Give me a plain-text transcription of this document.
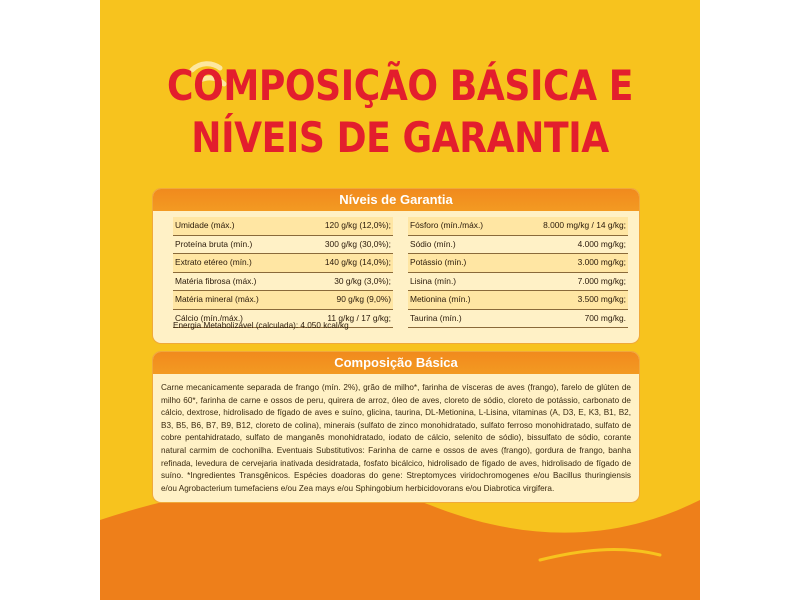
COMPOSIÇÃO BÁSICA E
NÍVEIS DE GARANTIA
Níveis de Garantia
Umidade (máx.)	120 g/kg (12,0%);
Proteína bruta (mín.)	300 g/kg (30,0%);
Extrato etéreo (mín.)	140 g/kg (14,0%);
Matéria fibrosa (máx.)	30 g/kg (3,0%);
Matéria mineral (máx.)	90 g/kg (9,0%)
Cálcio (mín./máx.)	11 g/kg / 17 g/kg;
Fósforo (mín./máx.)	8.000 mg/kg / 14 g/kg;
Sódio (mín.)	4.000 mg/kg;
Potássio (mín.)	3.000 mg/kg;
Lisina (mín.)	7.000 mg/kg;
Metionina (mín.)	3.500 mg/kg;
Taurina (mín.)	700 mg/kg.
Energia Metabolizável (calculada): 4.050 kcal/kg
Composição Básica
Carne mecanicamente separada de frango (mín. 2%), grão de milho*, farinha de vísceras de aves (frango), farelo de glúten de milho 60*, farinha de carne e ossos de peru, quirera de arroz, óleo de aves, cloreto de sódio, cloreto de potássio, carbonato de cálcio, dextrose, hidrolisado de fígado de aves e suíno, glicina, taurina, DL-Metionina, L-Lisina, vitaminas (A, D3, E, K3, B1, B2, B3, B5, B6, B7, B9, B12, cloreto de colina), minerais (sulfato de zinco monohidratado, sulfato ferroso monohidratado, sulfato de cobre pentahidratado, sulfato de manganês monohidratado, iodato de cálcio, selenito de sódio), bissulfato de sódio, corante natural carmim de cochonilha. Eventuais Substitutivos: Farinha de carne e ossos de aves (frango), gordura de frango, banha refinada, levedura de cervejaria inativada desidratada, fosfato bicálcico, hidrolisado de fígado de aves, hidrolisado de fígado de suíno. *Ingredientes Transgênicos. Espécies doadoras do gene: Streptomyces viridochromogenes e/ou Bacillus thuringiensis e/ou Agrobacterium tumefaciens e/ou Zea mays e/ou Sphingobium herbicidovorans e/ou Diabrotica virgifera.
